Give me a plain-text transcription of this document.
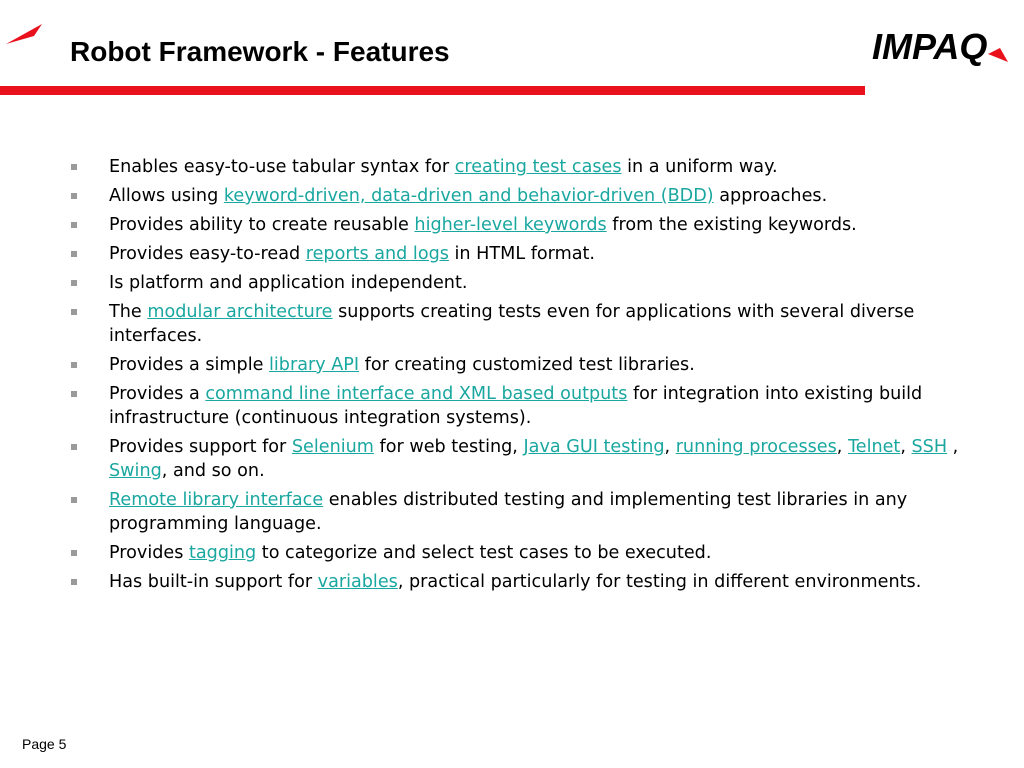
Robot Framework - Features	IMPAQ
Enables easy-to-use tabular syntax for creating test cases in a uniform way.
Allows using keyword-driven, data-driven and behavior-driven (BDD) approaches.
Provides ability to create reusable higher-level keywords from the existing keywords.
Provides easy-to-read reports and logs in HTML format.
Is platform and application independent.
The modular architecture supports creating tests even for applications with several diverse interfaces.
Provides a simple library API for creating customized test libraries.
Provides a command line interface and XML based outputs for integration into existing build infrastructure (continuous integration systems).
Provides support for Selenium for web testing, Java GUI testing, running processes, Telnet, SSH , Swing, and so on.
Remote library interface enables distributed testing and implementing test libraries in any programming language.
Provides tagging to categorize and select test cases to be executed.
Has built-in support for variables, practical particularly for testing in different environments.
Page 5
